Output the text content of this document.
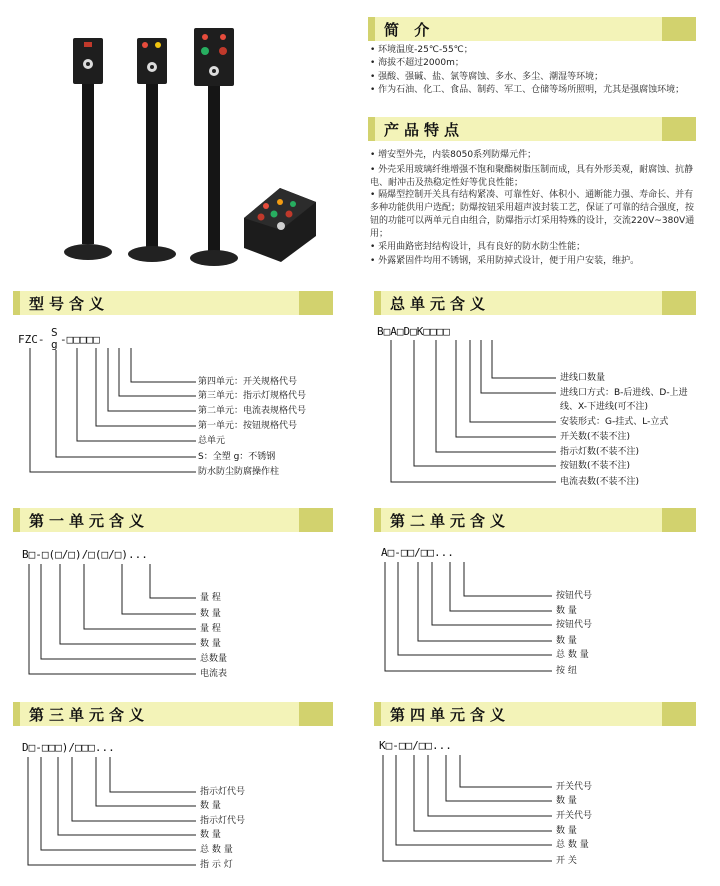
简 介
• 环境温度-25℃-55℃；
• 海拔不超过2000m；
• 强酸、强碱、盐、氯等腐蚀、多水、多尘、潮湿等环境；
• 作为石油、化工、食品、制药、军工、仓储等场所照明，尤其是强腐蚀环境；
产品特点
• 增安型外壳，内装8050系列防爆元件；
• 外壳采用玻璃纤维增强不饱和聚酯树脂压制而成，具有外形美观，耐腐蚀、抗静电、耐冲击及热稳定性好等优良性能；
• 隔爆型控制开关具有结构紧凑、可靠性好、体积小、通断能力强、寿命长、并有多种功能供用户选配；防爆按钮采用超声波封装工艺，保证了可靠的结合强度，按钮的功能可以两单元自由组合，防爆指示灯采用特殊的设计，交流220V~380V通用；
• 采用曲路密封结构设计，具有良好的防水防尘性能；
• 外露紧固件均用不锈钢，采用防掉式设计，便于用户安装，维护。
型号含义
FZC-
S
g -□□□□□
第四单元：开关规格代号
第三单元：指示灯规格代号
第二单元：电流表规格代号
第一单元：按钮规格代号
总单元
S：全塑 g：不锈钢
防水防尘防腐操作柱
总单元含义
B□A□D□K□□□□
进线口数量
进线口方式：B-后进线、D-上进
线、X-下进线(可不注)
安装形式：G-挂式、L-立式
开关数(不装不注)
指示灯数(不装不注)
按钮数(不装不注)
电流表数(不装不注)
第一单元含义
B□-□(□/□)/□(□/□)...
量 程
数 量
量 程
数 量
总数量
电流表
第二单元含义
A□-□□/□□...
按钮代号
数 量
按钮代号
数 量
总 数 量
按 纽
第三单元含义
D□-□□□)/□□□...
指示灯代号
数 量
指示灯代号
数 量
总 数 量
指 示 灯
第四单元含义
K□-□□/□□...
开关代号
数 量
开关代号
数 量
总 数 量
开 关
